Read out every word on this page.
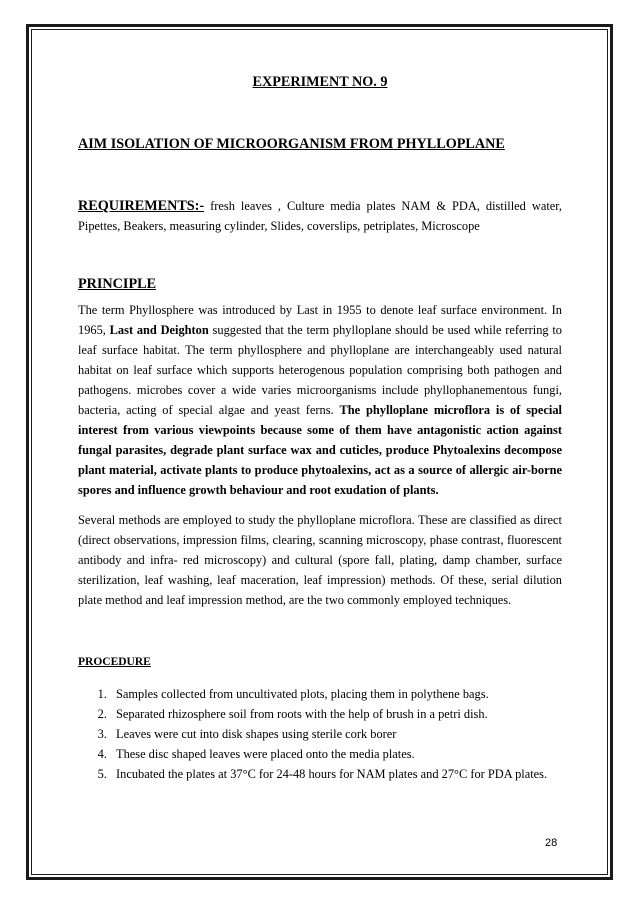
EXPERIMENT NO. 9
AIM ISOLATION OF MICROORGANISM FROM PHYLLOPLANE

REQUIREMENTS:- fresh leaves , Culture media plates NAM & PDA, distilled water, Pipettes, Beakers, measuring cylinder, Slides, coverslips, petriplates, Microscope

PRINCIPLE

The term Phyllosphere was introduced by Last in 1955 to denote leaf surface environment. In 1965, Last and Deighton suggested that the term phylloplane should be used while referring to leaf surface habitat. The term phyllosphere and phylloplane are interchangeably used natural habitat on leaf surface which supports heterogenous population comprising both pathogen and pathogens. microbes cover a wide varies microorganisms include phyllophanementous fungi, bacteria, acting of special algae and yeast ferns. The phylloplane microflora is of special interest from various viewpoints because some of them have antagonistic action against fungal parasites, degrade plant surface wax and cuticles, produce Phytoalexins decompose plant material, activate plants to produce phytoalexins, act as a source of allergic air-borne spores and influence growth behaviour and root exudation of plants.

Several methods are employed to study the phylloplane microflora. These are classified as direct (direct observations, impression films, clearing, scanning microscopy, phase contrast, fluorescent antibody and infra- red microscopy) and cultural (spore fall, plating, damp chamber, surface sterilization, leaf washing, leaf maceration, leaf impression) methods. Of these, serial dilution plate method and leaf impression method, are the two commonly employed techniques.

PROCEDURE
1. Samples collected from uncultivated plots, placing them in polythene bags.
2. Separated rhizosphere soil from roots with the help of brush in a petri dish.
3. Leaves were cut into disk shapes using sterile cork borer
4. These disc shaped leaves were placed onto the media plates.
5. Incubated the plates at 37°C for 24-48 hours for NAM plates and 27°C for PDA plates.
28
